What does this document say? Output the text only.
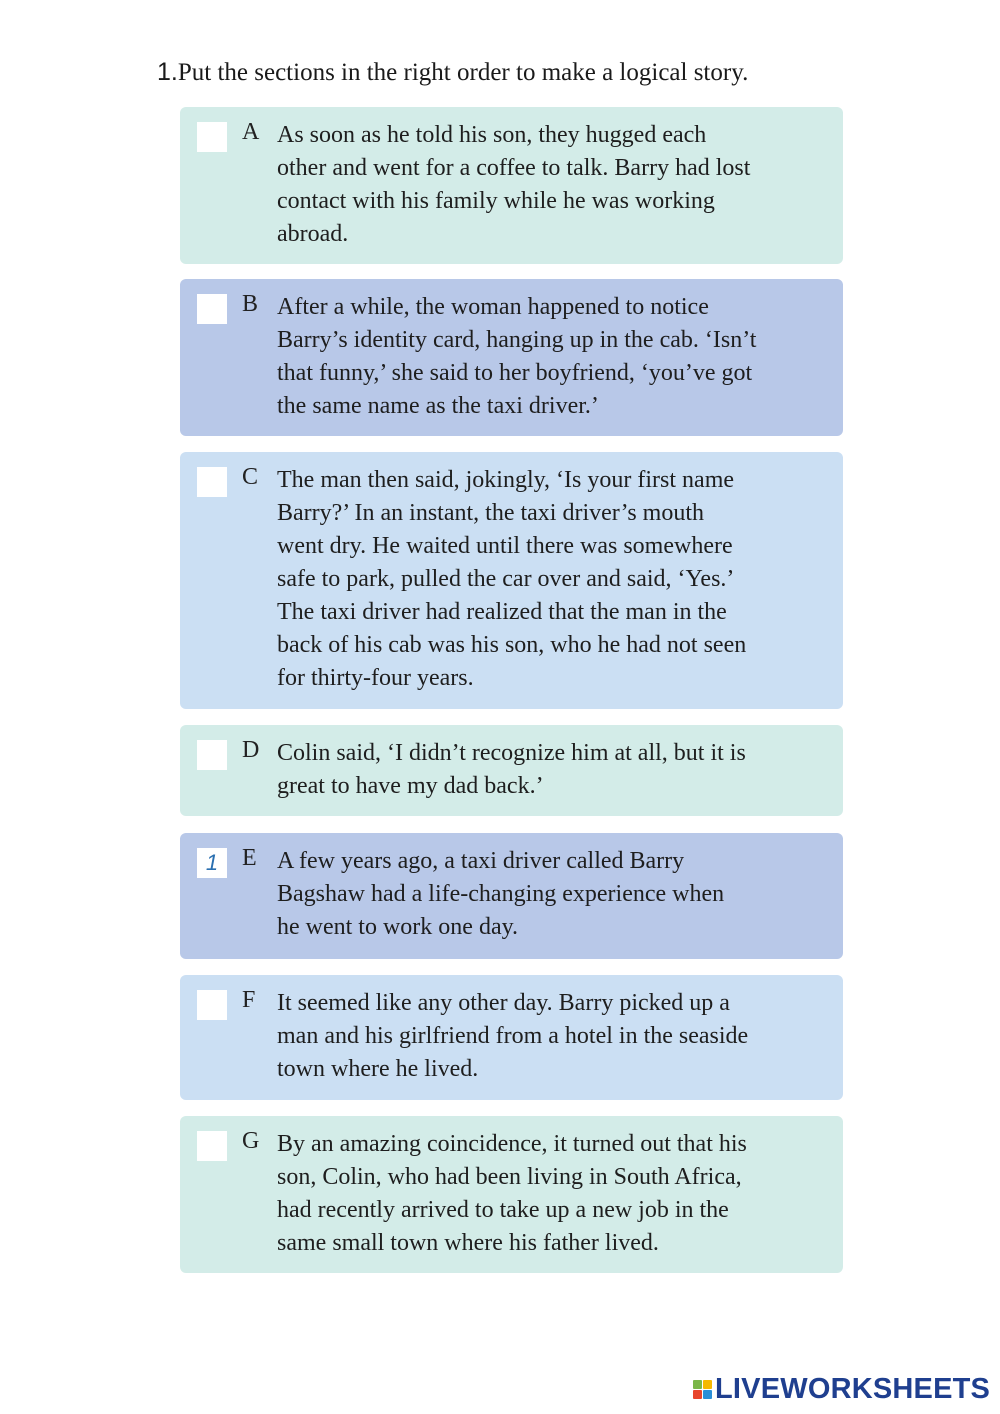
1.Put the sections in the right order to make a logical story.
A As soon as he told his son, they hugged each
other and went for a coffee to talk. Barry had lost
contact with his family while he was working
abroad.
B After a while, the woman happened to notice
Barry’s identity card, hanging up in the cab. ‘Isn’t
that funny,’ she said to her boyfriend, ‘you’ve got
the same name as the taxi driver.’
C The man then said, jokingly, ‘Is your first name
Barry?’ In an instant, the taxi driver’s mouth
went dry. He waited until there was somewhere
safe to park, pulled the car over and said, ‘Yes.’
The taxi driver had realized that the man in the
back of his cab was his son, who he had not seen
for thirty-four years.
D Colin said, ‘I didn’t recognize him at all, but it is
great to have my dad back.’
1 E A few years ago, a taxi driver called Barry
Bagshaw had a life-changing experience when
he went to work one day.
F It seemed like any other day. Barry picked up a
man and his girlfriend from a hotel in the seaside
town where he lived.
G By an amazing coincidence, it turned out that his
son, Colin, who had been living in South Africa,
had recently arrived to take up a new job in the
same small town where his father lived.
LIVEWORKSHEETS
